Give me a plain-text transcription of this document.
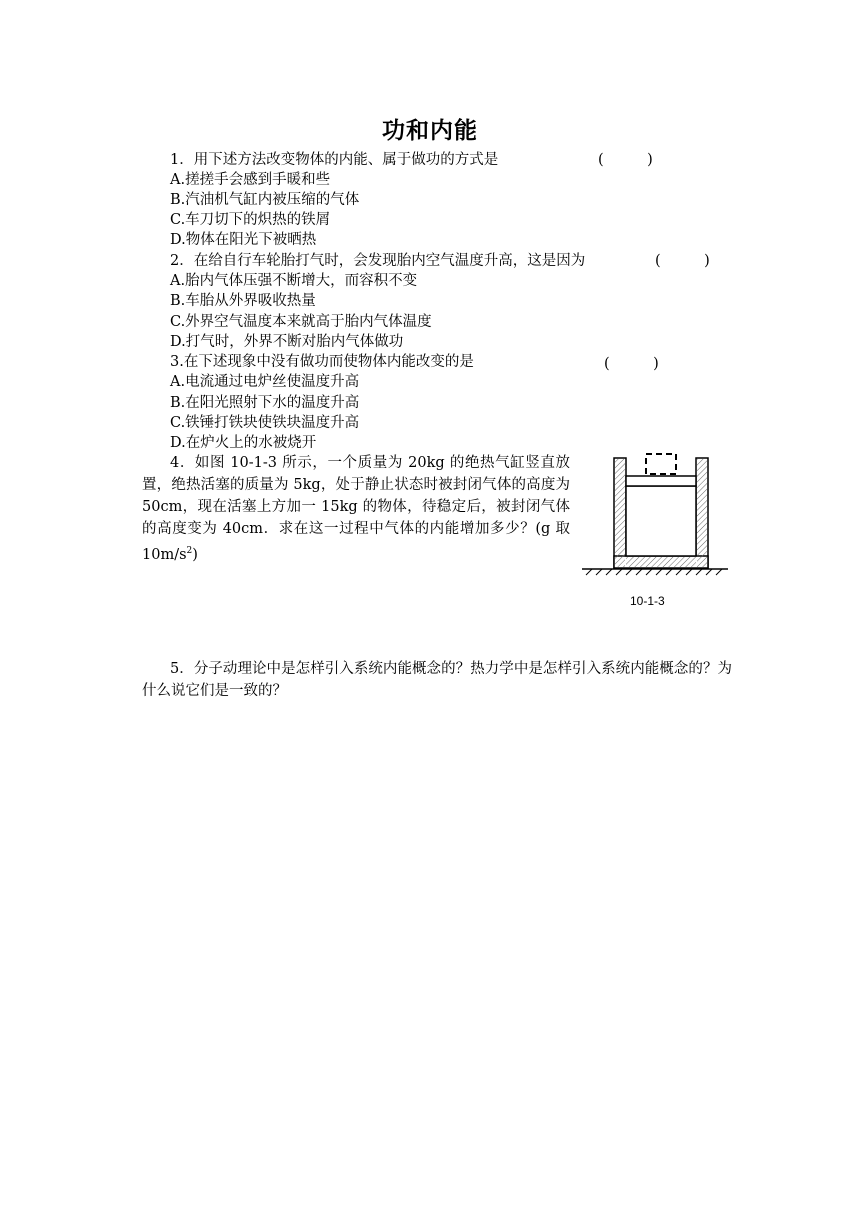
功和内能
1．用下述方法改变物体的内能、属于做功的方式是	(　　　)
A.搓搓手会感到手暖和些
B.汽油机气缸内被压缩的气体
C.车刀切下的炽热的铁屑
D.物体在阳光下被晒热
2．在给自行车轮胎打气时，会发现胎内空气温度升高，这是因为	(　　　)
A.胎内气体压强不断增大，而容积不变
B.车胎从外界吸收热量
C.外界空气温度本来就高于胎内气体温度
D.打气时，外界不断对胎内气体做功
3.在下述现象中没有做功而使物体内能改变的是	(　　　)
A.电流通过电炉丝使温度升高
B.在阳光照射下水的温度升高
C.铁锤打铁块使铁块温度升高
D.在炉火上的水被烧开

4．如图 10-1-3 所示，一个质量为 20kg 的绝热气缸竖直放置，绝热活塞的质量为 5kg，处于静止状态时被封闭气体的高度为 50cm，现在活塞上方加一 15kg 的物体，待稳定后，被封闭气体的高度变为 40cm．求在这一过程中气体的内能增加多少？(g 取 $10m/s^2$)

10-1-3

5．分子动理论中是怎样引入系统内能概念的？热力学中是怎样引入系统内能概念的？为什么说它们是一致的？
